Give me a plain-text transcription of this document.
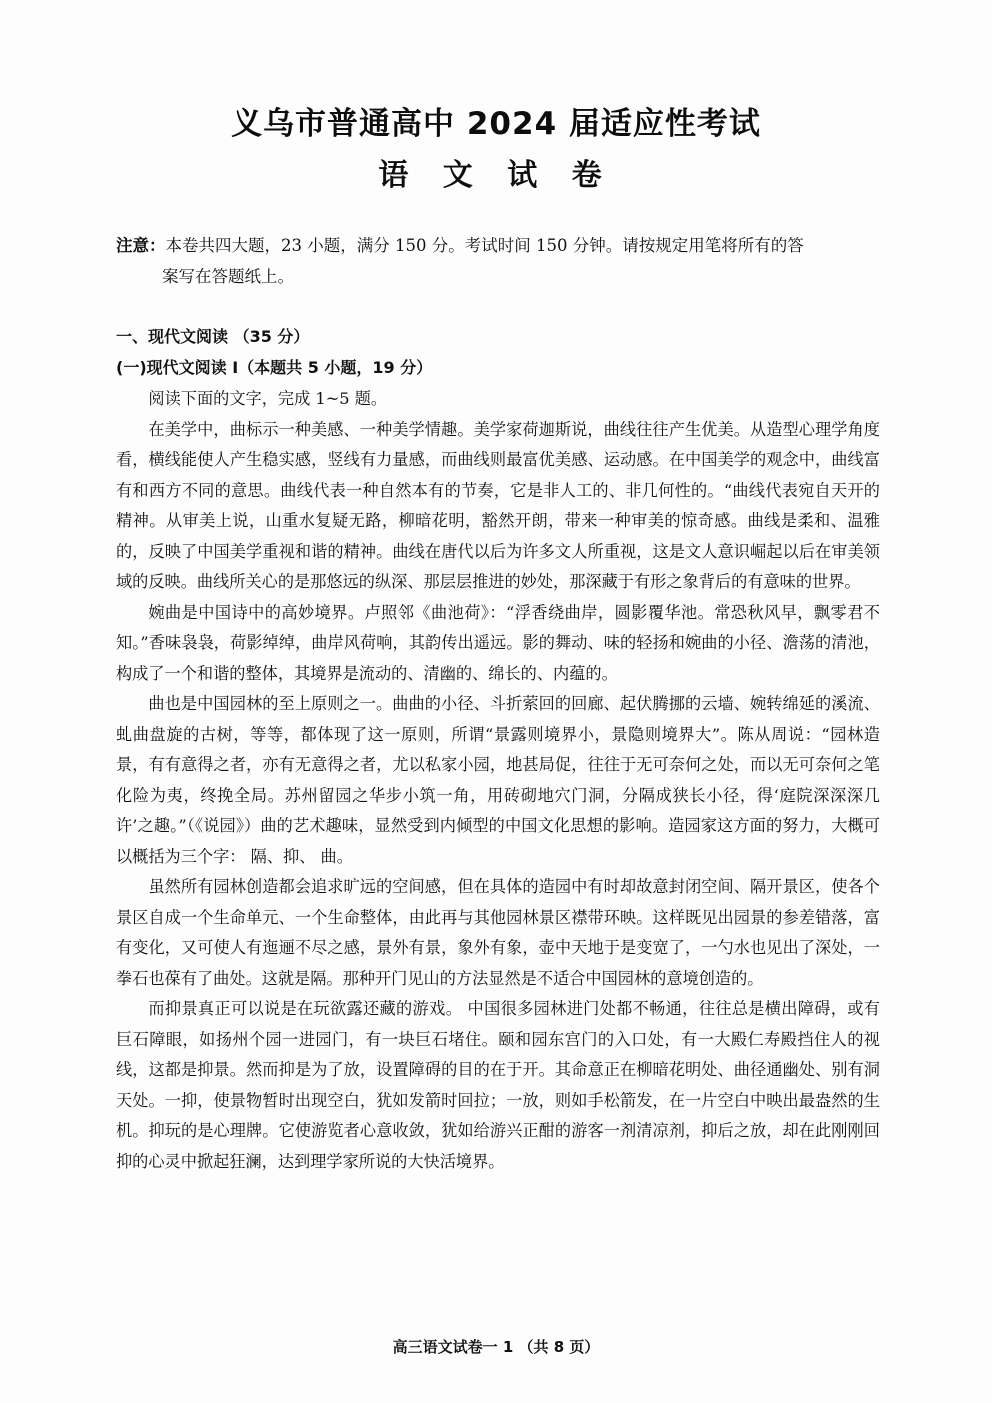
义乌市普通高中 2024 届适应性考试
语 文 试 卷
注意：本卷共四大题，23 小题，满分 150 分。考试时间 150 分钟。请按规定用笔将所有的答
案写在答题纸上。
一、现代文阅读 （35 分）
(一)现代文阅读 I（本题共 5 小题，19 分）

阅读下面的文字，完成 1~5 题。

在美学中，曲标示一种美感、一种美学情趣。美学家荷迦斯说，曲线往往产生优美。从造型心理学角度看，横线能使人产生稳实感，竖线有力量感，而曲线则最富优美感、运动感。在中国美学的观念中，曲线富有和西方不同的意思。曲线代表一种自然本有的节奏，它是非人工的、非几何性的。“曲线代表宛自天开的精神。从审美上说，山重水复疑无路，柳暗花明，豁然开朗，带来一种审美的惊奇感。曲线是柔和、温雅的，反映了中国美学重视和谐的精神。曲线在唐代以后为许多文人所重视，这是文人意识崛起以后在审美领域的反映。曲线所关心的是那悠远的纵深、那层层推进的妙处，那深藏于有形之象背后的有意味的世界。

婉曲是中国诗中的高妙境界。卢照邻《曲池荷》：“浮香绕曲岸，圆影覆华池。常恐秋风早，飘零君不知。”香味袅袅，荷影绰绰，曲岸风荷响，其韵传出遥远。影的舞动、味的轻扬和婉曲的小径、澹荡的清池，构成了一个和谐的整体，其境界是流动的、清幽的、绵长的、内蕴的。

曲也是中国园林的至上原则之一。曲曲的小径、斗折萦回的回廊、起伏腾挪的云墙、婉转绵延的溪流、虬曲盘旋的古树，等等，都体现了这一原则，所谓“景露则境界小，景隐则境界大”。陈从周说：“园林造景，有有意得之者，亦有无意得之者，尤以私家小园，地甚局促，往往于无可奈何之处，而以无可奈何之笔化险为夷，终挽全局。苏州留园之华步小筑一角，用砖砌地穴门洞，分隔成狭长小径，得‘庭院深深深几许’之趣。”（《说园》）曲的艺术趣味，显然受到内倾型的中国文化思想的影响。造园家这方面的努力，大概可以概括为三个字： 隔、抑、 曲。

虽然所有园林创造都会追求旷远的空间感，但在具体的造园中有时却故意封闭空间、隔开景区，使各个景区自成一个生命单元、一个生命整体，由此再与其他园林景区襟带环映。这样既见出园景的参差错落，富有变化，又可使人有迤逦不尽之感，景外有景，象外有象，壶中天地于是变宽了，一勺水也见出了深处，一拳石也葆有了曲处。这就是隔。那种开门见山的方法显然是不适合中国园林的意境创造的。

而抑景真正可以说是在玩欲露还藏的游戏。 中国很多园林进门处都不畅通，往往总是横出障碍，或有巨石障眼，如扬州个园一进园门，有一块巨石堵住。颐和园东宫门的入口处，有一大殿仁寿殿挡住人的视线，这都是抑景。然而抑是为了放，设置障碍的目的在于开。其命意正在柳暗花明处、曲径通幽处、别有洞天处。一抑，使景物暂时出现空白，犹如发箭时回拉；一放，则如手松箭发，在一片空白中映出最盎然的生机。抑玩的是心理牌。它使游览者心意收敛，犹如给游兴正酣的游客一剂清凉剂，抑后之放，却在此刚刚回抑的心灵中掀起狂澜，达到理学家所说的大快活境界。

高三语文试卷一 1 （共 8 页）
